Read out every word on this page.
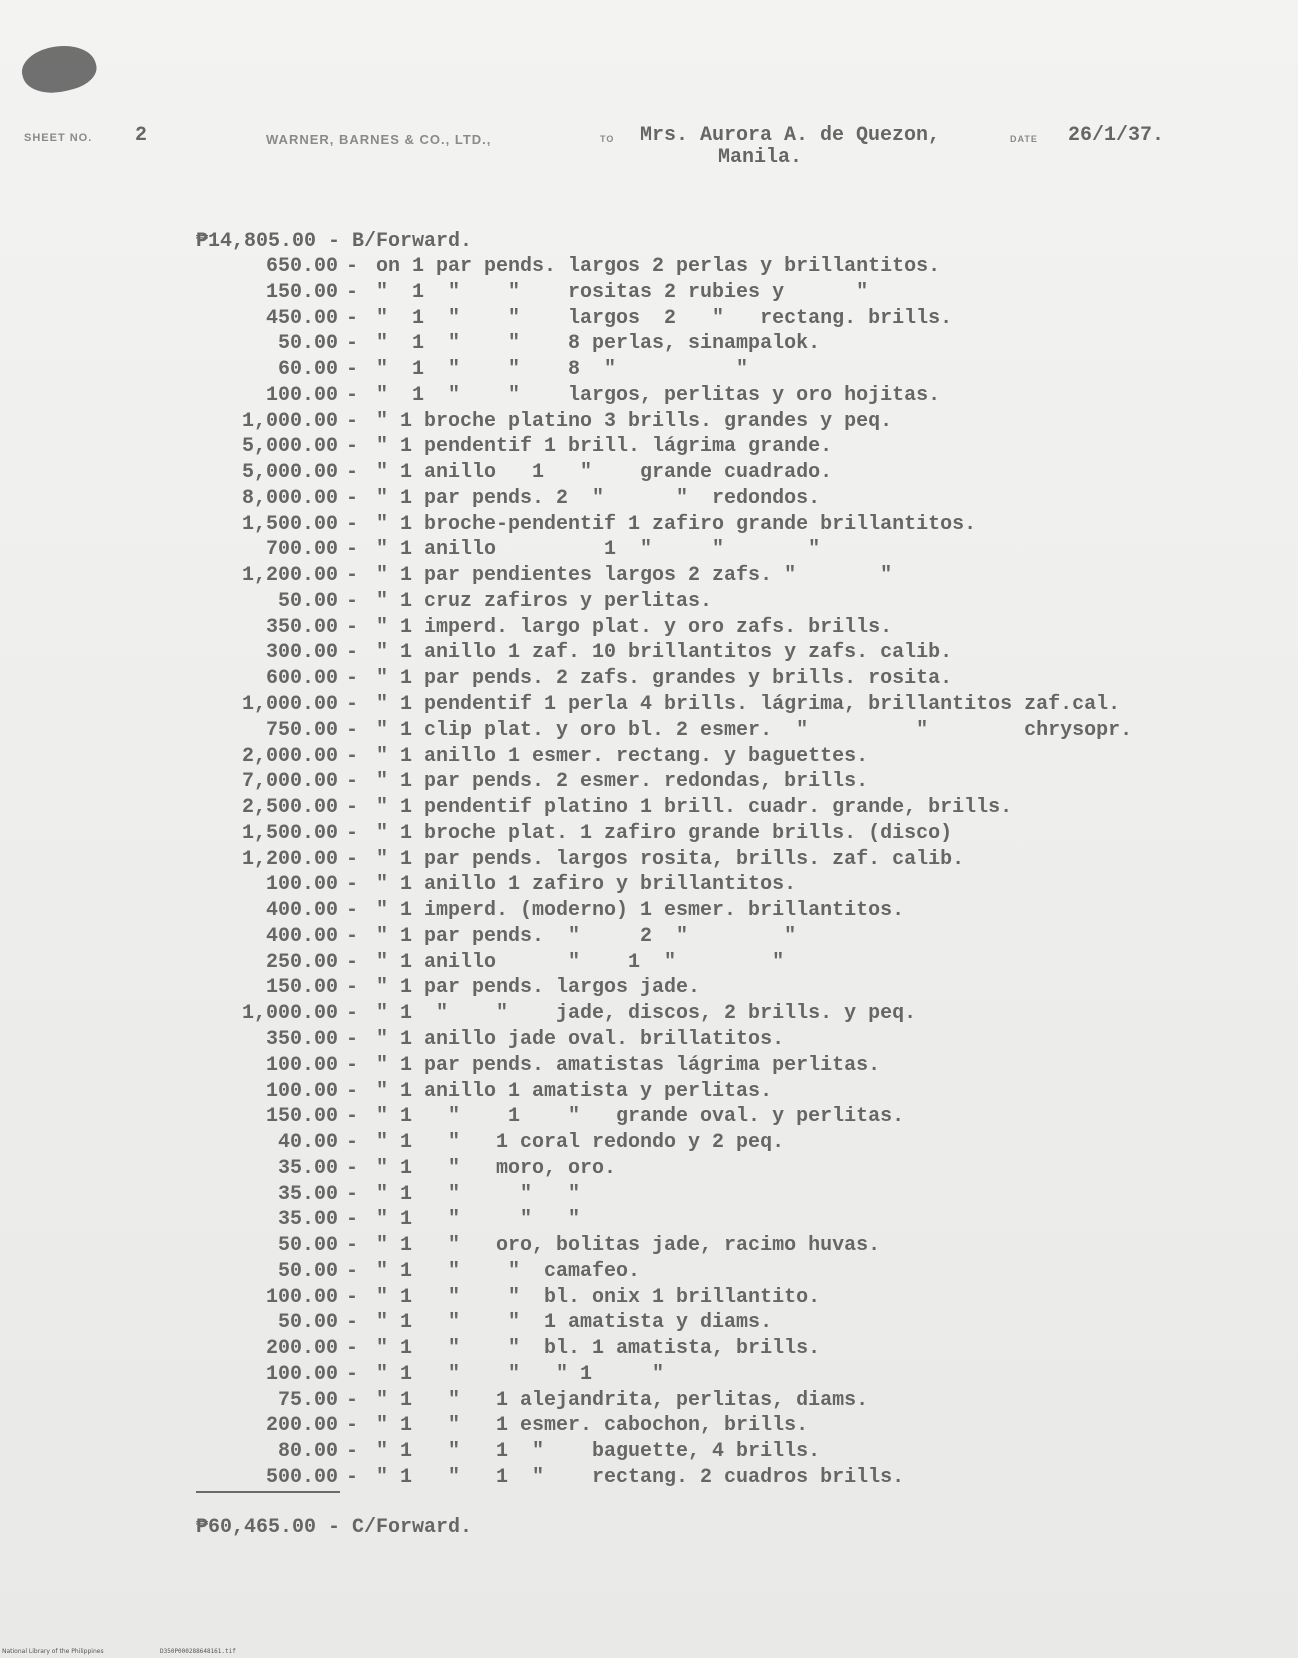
SHEET NO. 2	WARNER, BARNES & CO., LTD.,	TO Mrs. Aurora A. de Quezon,
Manila.
DATE 26/1/37.
₱14,805.00 - B/Forward.
650.00 - on 1 par pends. largos 2 perlas y brillantitos.
150.00 - "  1  "    "    rositas 2 rubies y      "
450.00 - "  1  "    "    largos  2   "   rectang. brills.
50.00 - "  1  "    "    8 perlas, sinampalok.
60.00 - "  1  "    "    8  "          "
100.00 - "  1  "    "    largos, perlitas y oro hojitas.
1,000.00 - " 1 broche platino 3 brills. grandes y peq.
5,000.00 - " 1 pendentif 1 brill. lágrima grande.
5,000.00 - " 1 anillo   1   "    grande cuadrado.
8,000.00 - " 1 par pends. 2  "      "  redondos.
1,500.00 - " 1 broche-pendentif 1 zafiro grande brillantitos.
700.00 - " 1 anillo         1  "     "       "
1,200.00 - " 1 par pendientes largos 2 zafs. "       "
50.00 - " 1 cruz zafiros y perlitas.
350.00 - " 1 imperd. largo plat. y oro zafs. brills.
300.00 - " 1 anillo 1 zaf. 10 brillantitos y zafs. calib.
600.00 - " 1 par pends. 2 zafs. grandes y brills. rosita.
1,000.00 - " 1 pendentif 1 perla 4 brills. lágrima, brillantitos zaf.cal.
750.00 - " 1 clip plat. y oro bl. 2 esmer.  "         "        chrysopr.
2,000.00 - " 1 anillo 1 esmer. rectang. y baguettes.
7,000.00 - " 1 par pends. 2 esmer. redondas, brills.
2,500.00 - " 1 pendentif platino 1 brill. cuadr. grande, brills.
1,500.00 - " 1 broche plat. 1 zafiro grande brills. (disco)
1,200.00 - " 1 par pends. largos rosita, brills. zaf. calib.
100.00 - " 1 anillo 1 zafiro y brillantitos.
400.00 - " 1 imperd. (moderno) 1 esmer. brillantitos.
400.00 - " 1 par pends.  "     2  "        "
250.00 - " 1 anillo      "    1  "        "
150.00 - " 1 par pends. largos jade.
1,000.00 - " 1  "    "    jade, discos, 2 brills. y peq.
350.00 - " 1 anillo jade oval. brillatitos.
100.00 - " 1 par pends. amatistas lágrima perlitas.
100.00 - " 1 anillo 1 amatista y perlitas.
150.00 - " 1   "    1    "   grande oval. y perlitas.
40.00 - " 1   "   1 coral redondo y 2 peq.
35.00 - " 1   "   moro, oro.
35.00 - " 1   "     "   "
35.00 - " 1   "     "   "
50.00 - " 1   "   oro, bolitas jade, racimo huvas.
50.00 - " 1   "    "  camafeo.
100.00 - " 1   "    "  bl. onix 1 brillantito.
50.00 - " 1   "    "  1 amatista y diams.
200.00 - " 1   "    "  bl. 1 amatista, brills.
100.00 - " 1   "    "   " 1     "
75.00 - " 1   "   1 alejandrita, perlitas, diams.
200.00 - " 1   "   1 esmer. cabochon, brills.
80.00 - " 1   "   1  "    baguette, 4 brills.
500.00 - " 1   "   1  "    rectang. 2 cuadros brills.
₱60,465.00 - C/Forward.
National Library of the Philippines	D350P000288648161.tif
